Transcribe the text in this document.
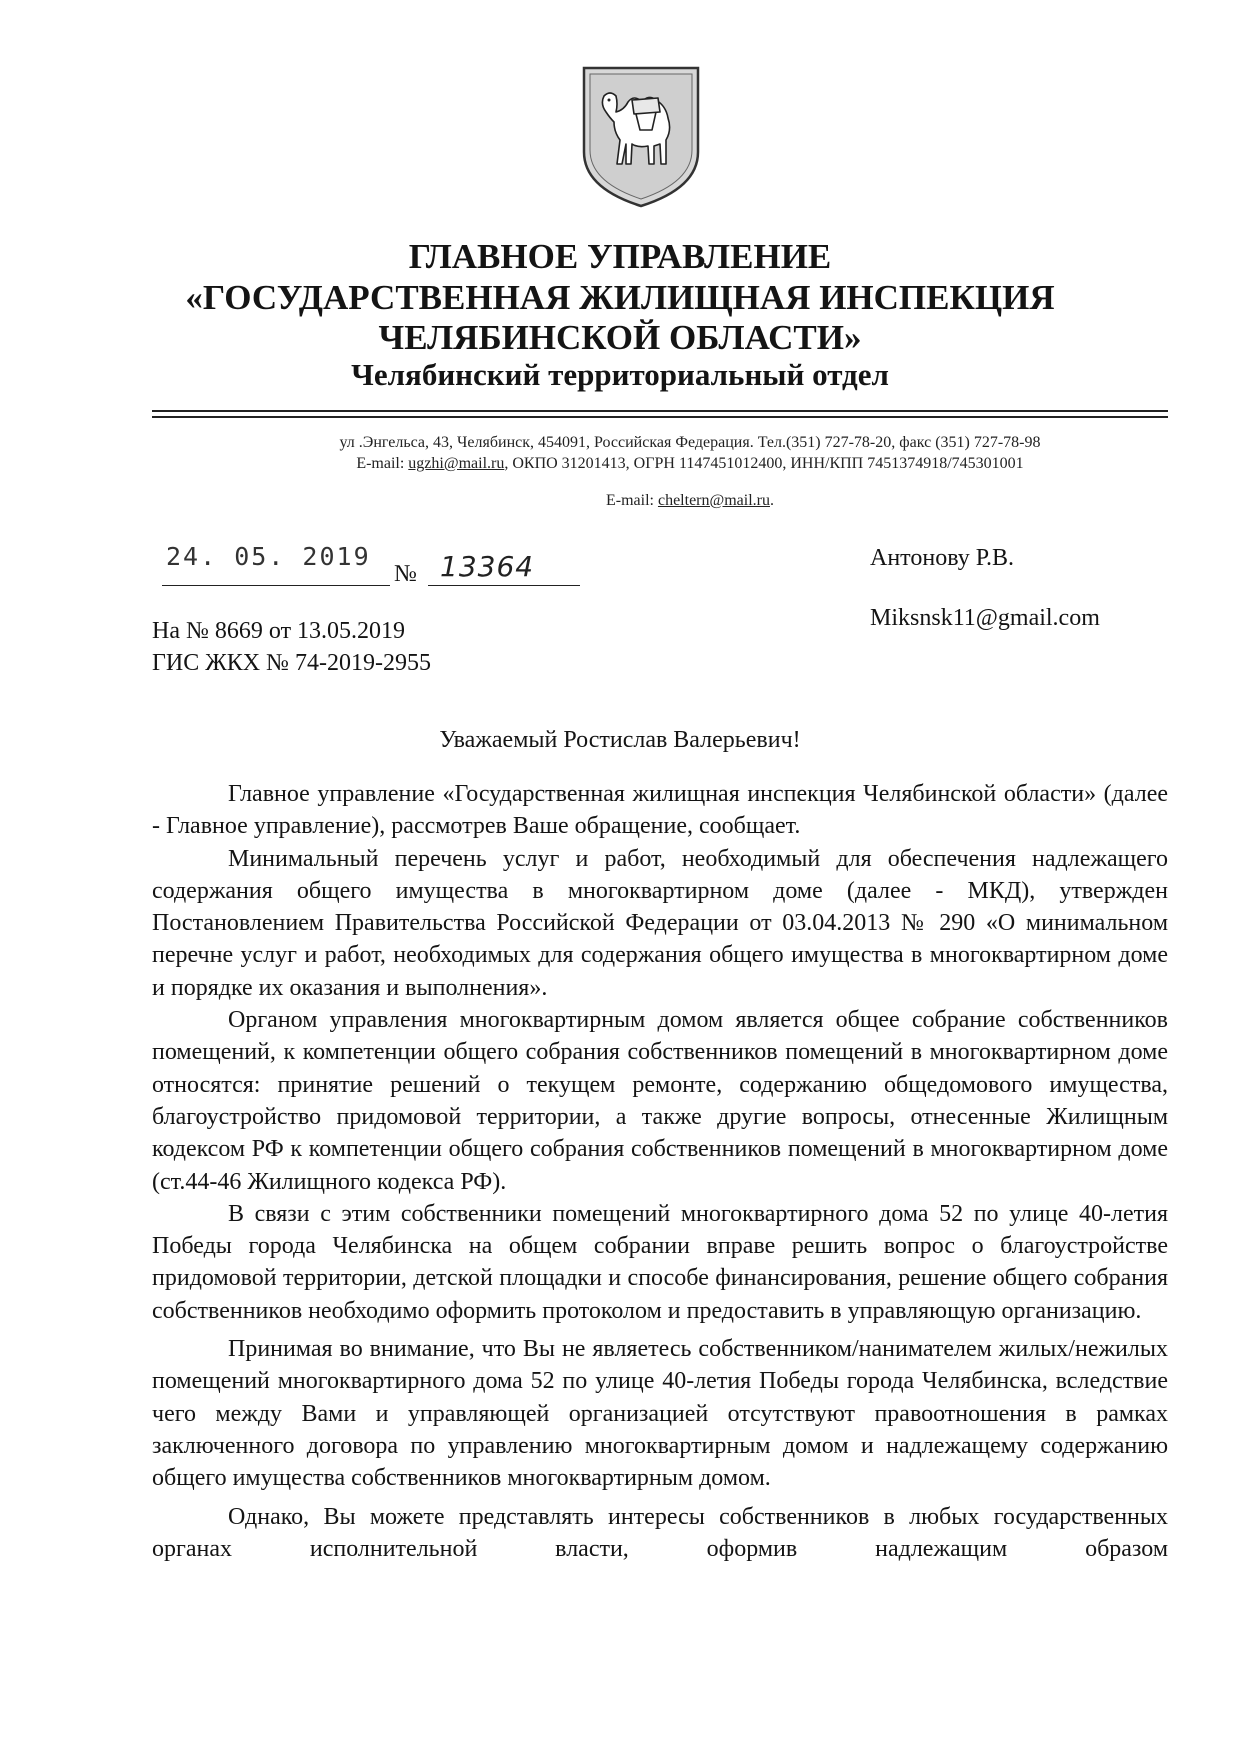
ГЛАВНОЕ УПРАВЛЕНИЕ
«ГОСУДАРСТВЕННАЯ ЖИЛИЩНАЯ ИНСПЕКЦИЯ
ЧЕЛЯБИНСКОЙ ОБЛАСТИ»
Челябинский территориальный отдел
ул .Энгельса, 43, Челябинск, 454091, Российская Федерация. Тел.(351) 727-78-20, факс (351) 727-78-98
E-mail: ugzhi@mail.ru, ОКПО 31201413, ОГРН 1147451012400, ИНН/КПП 7451374918/745301001
E-mail: cheltern@mail.ru.
24. 05. 2019
№ 13364	Антонову Р.В.
Miksnsk11@gmail.com
На № 8669 от 13.05.2019
ГИС ЖКХ № 74-2019-2955
Уважаемый Ростислав Валерьевич!

Главное управление «Государственная жилищная инспекция Челябинской области» (далее - Главное управление), рассмотрев Ваше обращение, сообщает.

Минимальный перечень услуг и работ, необходимый для обеспечения надлежащего содержания общего имущества в многоквартирном доме (далее - МКД), утвержден Постановлением Правительства Российской Федерации от 03.04.2013 № 290 «О минимальном перечне услуг и работ, необходимых для содержания общего имущества в многоквартирном доме и порядке их оказания и выполнения».

Органом управления многоквартирным домом является общее собрание собственников помещений, к компетенции общего собрания собственников помещений в многоквартирном доме относятся: принятие решений о текущем ремонте, содержанию общедомового имущества, благоустройство придомовой территории, а также другие вопросы, отнесенные Жилищным кодексом РФ к компетенции общего собрания собственников помещений в многоквартирном доме (ст.44-46 Жилищного кодекса РФ).

В связи с этим собственники помещений многоквартирного дома 52 по улице 40-летия Победы города Челябинска на общем собрании вправе решить вопрос о благоустройстве придомовой территории, детской площадки и способе финансирования, решение общего собрания собственников необходимо оформить протоколом и предоставить в управляющую организацию.

Принимая во внимание, что Вы не являетесь собственником/нанимателем жилых/нежилых помещений многоквартирного дома 52 по улице 40-летия Победы города Челябинска, вследствие чего между Вами и управляющей организацией отсутствуют правоотношения в рамках заключенного договора по управлению многоквартирным домом и надлежащему содержанию общего имущества собственников многоквартирным домом.

Однако, Вы можете представлять интересы собственников в любых государственных органах исполнительной власти, оформив надлежащим образом
